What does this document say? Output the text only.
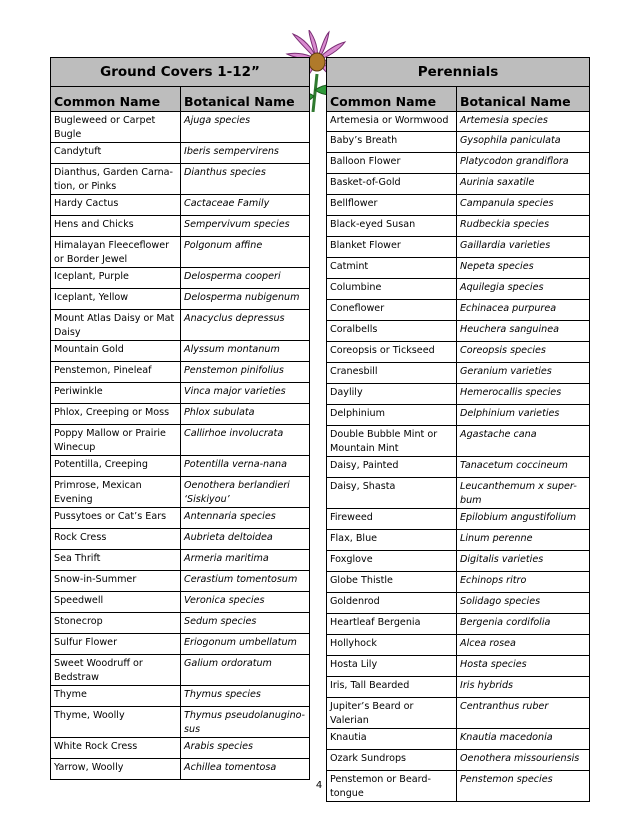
Ground Covers 1-12”	
Common Name	Botanical Name
Bugleweed or Carpet Bugle	Ajuga species
Candytuft	Iberis sempervirens
Dianthus, Garden Carna-tion, or Pinks	Dianthus species
Hardy Cactus	Cactaceae Family
Hens and Chicks	Sempervivum species
Himalayan Fleeceflower or Border Jewel	Polgonum affine
Iceplant, Purple	Delosperma cooperi
Iceplant, Yellow	Delosperma nubigenum
Mount Atlas Daisy or Mat Daisy	Anacyclus depressus
Mountain Gold	Alyssum montanum
Penstemon, Pineleaf	Penstemon pinifolius
Periwinkle	Vinca major varieties
Phlox, Creeping or Moss	Phlox subulata
Poppy Mallow or Prairie Winecup	Callirhoe involucrata
Potentilla, Creeping	Potentilla verna-nana
Primrose, Mexican Evening	Oenothera berlandieri ‘Siskiyou’
Pussytoes or Cat’s Ears	Antennaria species
Rock Cress	Aubrieta deltoidea
Sea Thrift	Armeria maritima
Snow-in-Summer	Cerastium tomentosum
Speedwell	Veronica species
Stonecrop	Sedum species
Sulfur Flower	Eriogonum umbellatum
Sweet Woodruff or Bedstraw	Galium ordoratum
Thyme	Thymus species
Thyme, Woolly	Thymus pseudolanugino-sus
White Rock Cress	Arabis species
Yarrow, Woolly	Achillea tomentosa
Perennials	
Common Name	Botanical Name
Artemesia or Wormwood	Artemesia species
Baby’s Breath	Gysophila paniculata
Balloon Flower	Platycodon grandiflora
Basket-of-Gold	Aurinia saxatile
Bellflower	Campanula species
Black-eyed Susan	Rudbeckia species
Blanket Flower	Gaillardia varieties
Catmint	Nepeta species
Columbine	Aquilegia species
Coneflower	Echinacea purpurea
Coralbells	Heuchera sanguinea
Coreopsis or Tickseed	Coreopsis species
Cranesbill	Geranium varieties
Daylily	Hemerocallis species
Delphinium	Delphinium varieties
Double Bubble Mint or Mountain Mint	Agastache cana
Daisy, Painted	Tanacetum coccineum
Daisy, Shasta	Leucanthemum x super-bum
Fireweed	Epilobium angustifolium
Flax, Blue	Linum perenne
Foxglove	Digitalis varieties
Globe Thistle	Echinops ritro
Goldenrod	Solidago species
Heartleaf Bergenia	Bergenia cordifolia
Hollyhock	Alcea rosea
Hosta Lily	Hosta species
Iris, Tall Bearded	Iris hybrids
Jupiter’s Beard or Valerian	Centranthus ruber
Knautia	Knautia macedonia
Ozark Sundrops	Oenothera missouriensis
Penstemon or Beard-tongue	Penstemon species
4
